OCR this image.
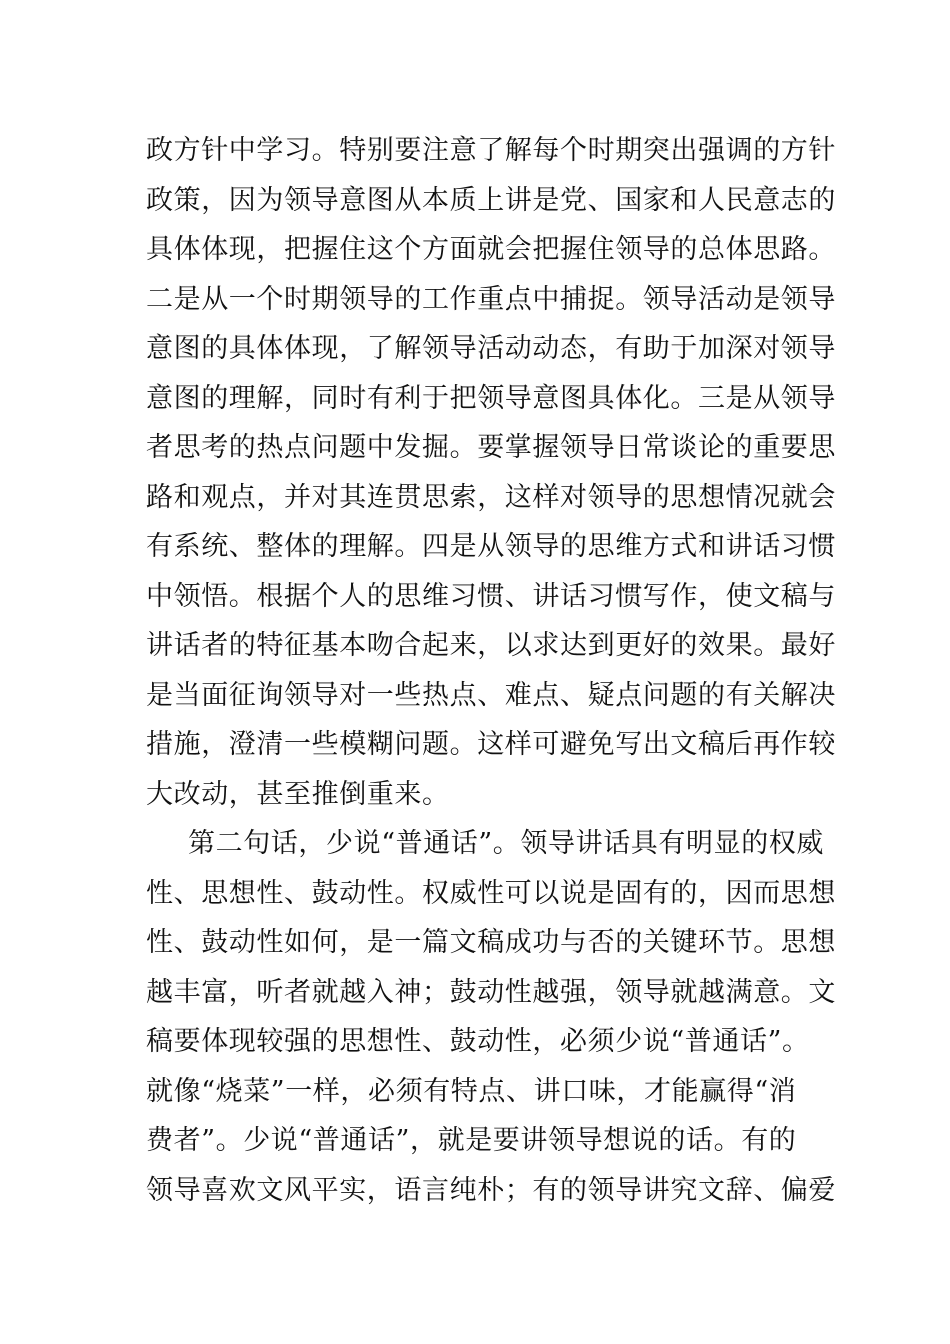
政方针中学习。特别要注意了解每个时期突出强调的方针
政策，因为领导意图从本质上讲是党、国家和人民意志的
具体体现，把握住这个方面就会把握住领导的总体思路。
二是从一个时期领导的工作重点中捕捉。领导活动是领导
意图的具体体现，了解领导活动动态，有助于加深对领导
意图的理解，同时有利于把领导意图具体化。三是从领导
者思考的热点问题中发掘。要掌握领导日常谈论的重要思
路和观点，并对其连贯思索，这样对领导的思想情况就会
有系统、整体的理解。四是从领导的思维方式和讲话习惯
中领悟。根据个人的思维习惯、讲话习惯写作，使文稿与
讲话者的特征基本吻合起来，以求达到更好的效果。最好
是当面征询领导对一些热点、难点、疑点问题的有关解决
措施，澄清一些模糊问题。这样可避免写出文稿后再作较
大改动，甚至推倒重来。
第二句话，少说“普通话”。领导讲话具有明显的权威
性、思想性、鼓动性。权威性可以说是固有的，因而思想
性、鼓动性如何，是一篇文稿成功与否的关键环节。思想
越丰富，听者就越入神；鼓动性越强，领导就越满意。文
稿要体现较强的思想性、鼓动性，必须少说“普通话”。
就像“烧菜”一样，必须有特点、讲口味，才能赢得“消
费者”。少说“普通话”，就是要讲领导想说的话。有的
领导喜欢文风平实，语言纯朴；有的领导讲究文辞、偏爱
